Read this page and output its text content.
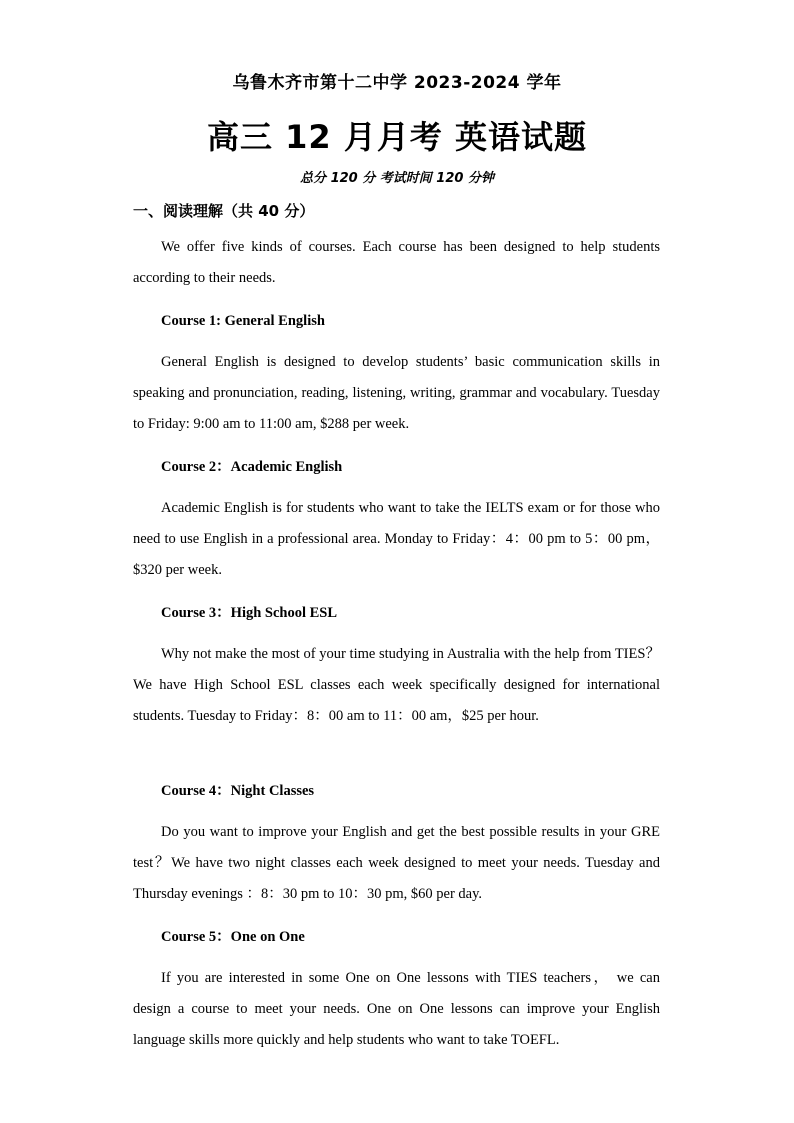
乌鲁木齐市第十二中学 2023-2024 学年
高三 12 月月考 英语试题
总分 120 分 考试时间 120 分钟
一、阅读理解（共 40 分）

We offer five kinds of courses. Each course has been designed to help students according to their needs.

Course 1: General English

General English is designed to develop students’ basic communication skills in speaking and pronunciation, reading, listening, writing, grammar and vocabulary. Tuesday to Friday: 9:00 am to 11:00 am, $288 per week.

Course 2：Academic English

Academic English is for students who want to take the IELTS exam or for those who need to use English in a professional area. Monday to Friday：4：00 pm to 5：00 pm，$320 per week.

Course 3：High School ESL

Why not make the most of your time studying in Australia with the help from TIES？We have High School ESL classes each week specifically designed for international students. Tuesday to Friday：8：00 am to 11：00 am，$25 per hour.

Course 4：Night Classes

Do you want to improve your English and get the best possible results in your GRE test？We have two night classes each week designed to meet your needs. Tuesday and Thursday evenings ：8：30 pm to 10：30 pm, $60 per day.

Course 5：One on One

If you are interested in some One on One lessons with TIES teachers， we can design a course to meet your needs. One on One lessons can improve your English language skills more quickly and help students who want to take TOEFL.
